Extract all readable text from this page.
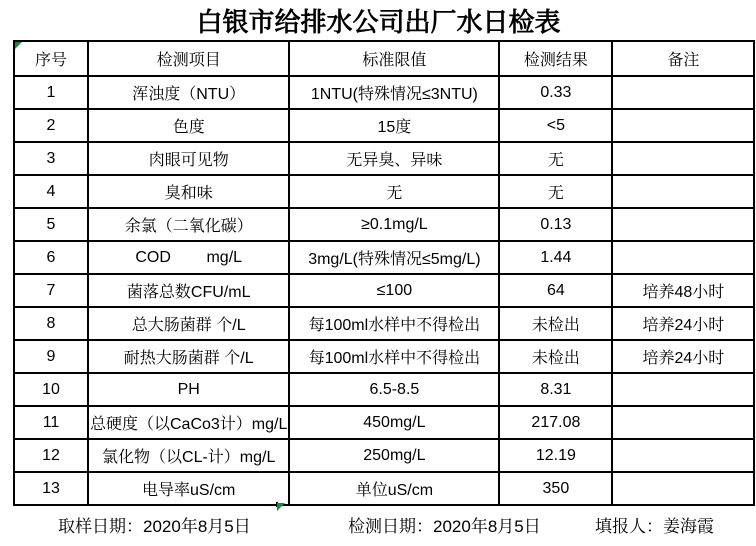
白银市给排水公司出厂水日检表
序号	检测项目	标准限值	检测结果	备注
1	浑浊度（NTU）	1NTU(特殊情况≤3NTU)	0.33	
2	色度	15度	<5	
3	肉眼可见物	无异臭、异味	无	
4	臭和味	无	无	
5	余氯（二氧化碳）	≥0.1mg/L	0.13	
6	COD        mg/L	3mg/L(特殊情况≤5mg/L)	1.44	
7	菌落总数CFU/mL	≤100	64	培养48小时
8	总大肠菌群 个/L	每100ml水样中不得检出	未检出	培养24小时
9	耐热大肠菌群 个/L	每100ml水样中不得检出	未检出	培养24小时
10	PH	6.5-8.5	8.31	
11	总硬度（以CaCo3计）mg/L	450mg/L	217.08	
12	氯化物（以CL-计）mg/L	250mg/L	12.19	
13	电导率uS/cm	单位uS/cm	350	
取样日期：2020年8月5日	检测日期：2020年8月5日	填报人：姜海霞
